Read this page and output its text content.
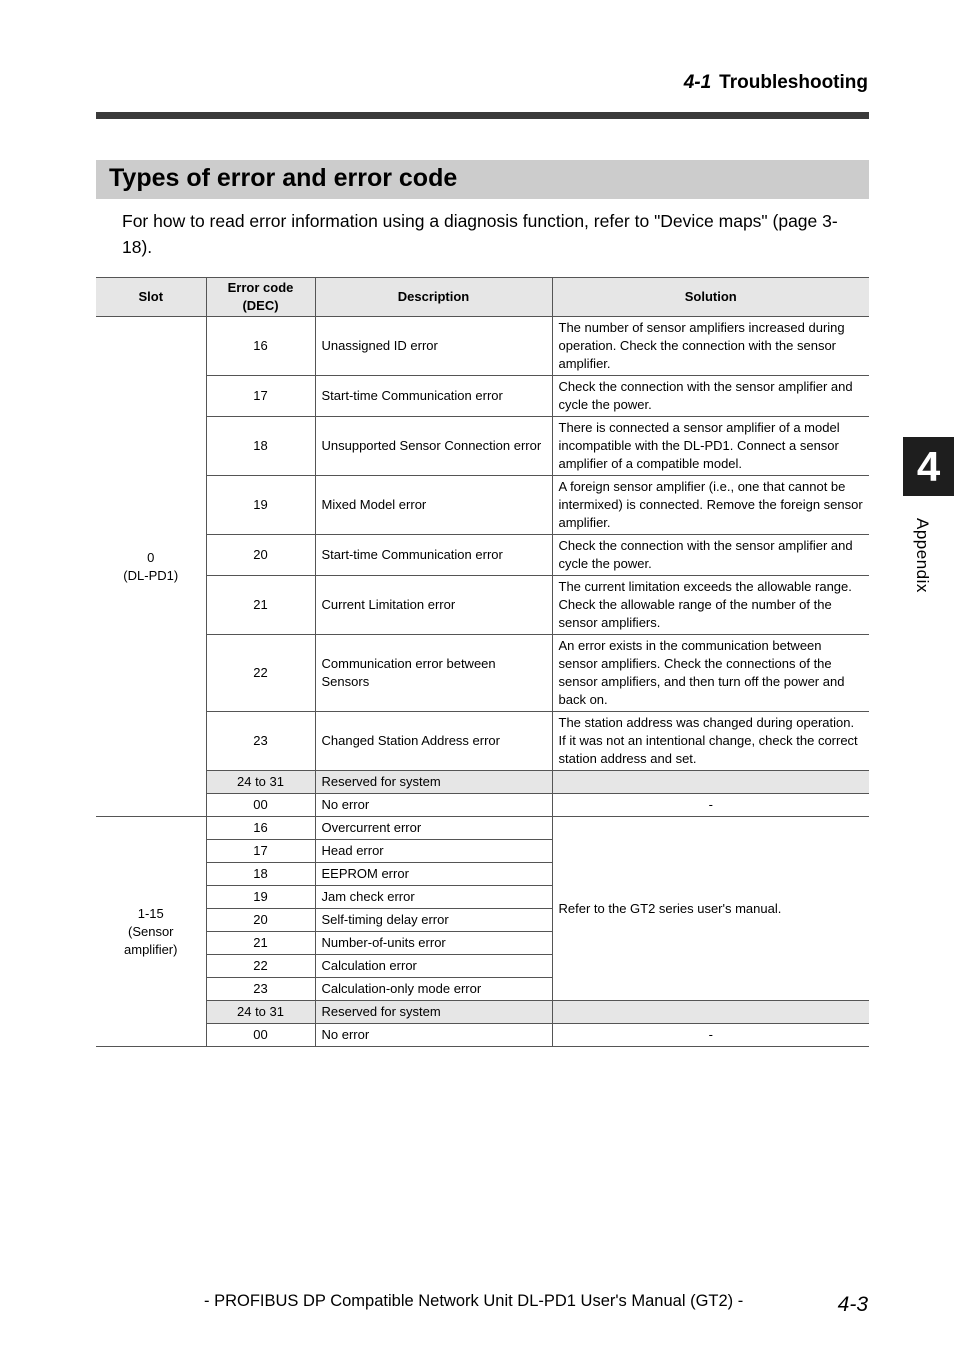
4-1 Troubleshooting
Types of error and error code

For how to read error information using a diagnosis function, refer to "Device maps" (page 3-18).

Slot	Error code (DEC)	Description	Solution
0
(DL-PD1)	16	Unassigned ID error	The number of sensor amplifiers increased during operation. Check the connection with the sensor amplifier.
	17	Start-time Communication error	Check the connection with the sensor amplifier and cycle the power.
	18	Unsupported Sensor Connection error	There is connected a sensor amplifier of a model incompatible with the DL-PD1. Connect a sensor amplifier of a compatible model.
	19	Mixed Model error	A foreign sensor amplifier (i.e., one that cannot be intermixed) is connected. Remove the foreign sensor amplifier.
	20	Start-time Communication error	Check the connection with the sensor amplifier and cycle the power.
	21	Current Limitation error	The current limitation exceeds the allowable range. Check the allowable range of the number of the sensor amplifiers.
	22	Communication error between Sensors	An error exists in the communication between sensor amplifiers. Check the connections of the sensor amplifiers, and then turn off the power and back on.
	23	Changed Station Address error	The station address was changed during operation. If it was not an intentional change, check the correct station address and set.
	24 to 31	Reserved for system	
	00	No error	-
1-15
(Sensor
amplifier)	16	Overcurrent error	Refer to the GT2 series user's manual.
	17	Head error	
	18	EEPROM error	
	19	Jam check error	
	20	Self-timing delay error	
	21	Number-of-units error	
	22	Calculation error	
	23	Calculation-only mode error	
	24 to 31	Reserved for system	
	00	No error	-
4
Appendix
- PROFIBUS DP Compatible Network Unit DL-PD1 User's Manual (GT2) -	4-3
